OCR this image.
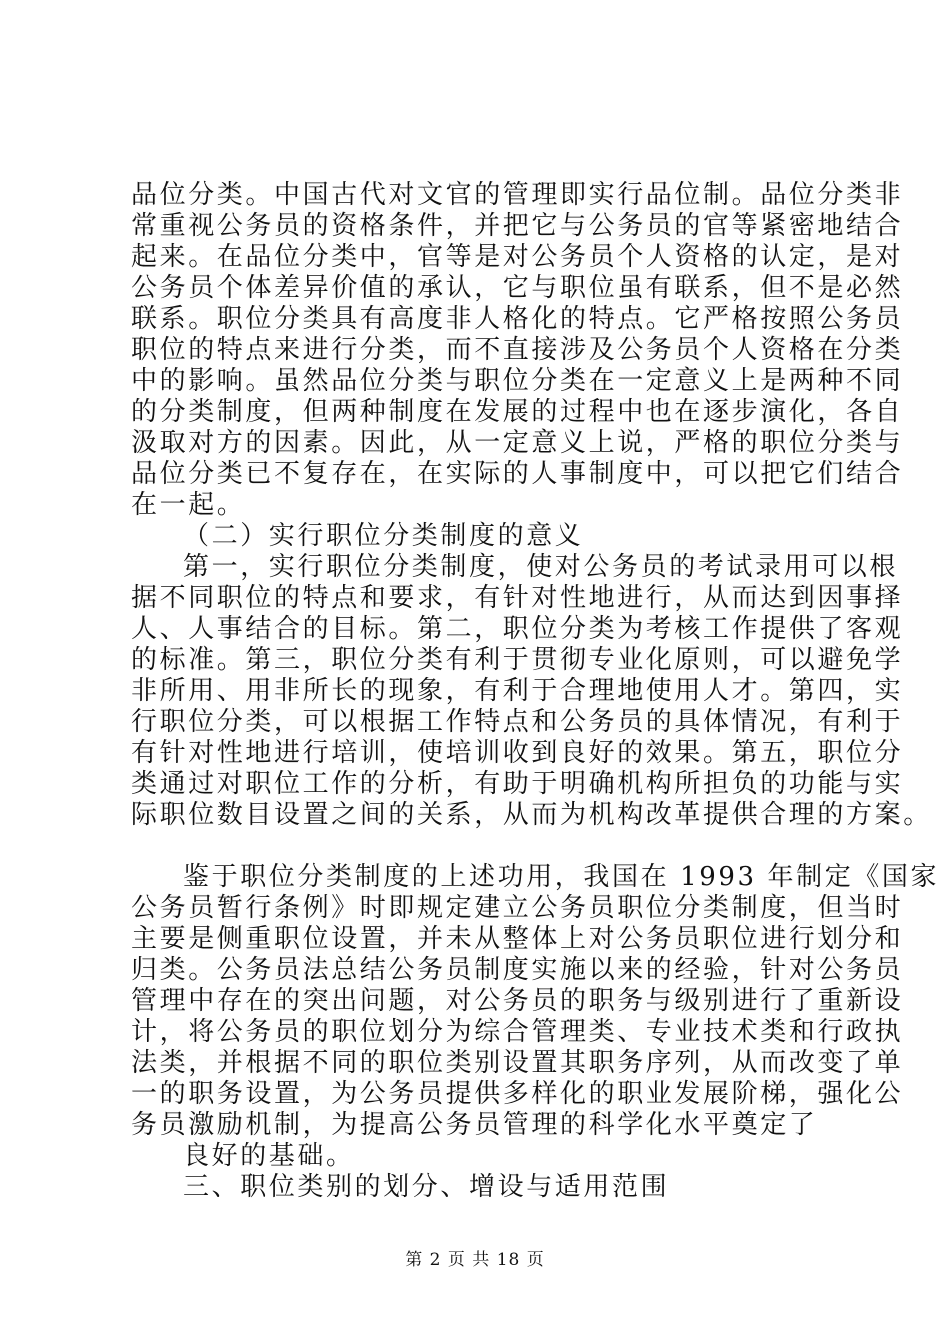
品位分类。中国古代对文官的管理即实行品位制。品位分类非
常重视公务员的资格条件，并把它与公务员的官等紧密地结合
起来。在品位分类中，官等是对公务员个人资格的认定，是对
公务员个体差异价值的承认，它与职位虽有联系，但不是必然
联系。职位分类具有高度非人格化的特点。它严格按照公务员
职位的特点来进行分类，而不直接涉及公务员个人资格在分类
中的影响。虽然品位分类与职位分类在一定意义上是两种不同
的分类制度，但两种制度在发展的过程中也在逐步演化，各自
汲取对方的因素。因此，从一定意义上说，严格的职位分类与
品位分类已不复存在，在实际的人事制度中，可以把它们结合
在一起。
（二）实行职位分类制度的意义
第一，实行职位分类制度，使对公务员的考试录用可以根
据不同职位的特点和要求，有针对性地进行，从而达到因事择
人、人事结合的目标。第二，职位分类为考核工作提供了客观
的标准。第三，职位分类有利于贯彻专业化原则，可以避免学
非所用、用非所长的现象，有利于合理地使用人才。第四，实
行职位分类，可以根据工作特点和公务员的具体情况，有利于
有针对性地进行培训，使培训收到良好的效果。第五，职位分
类通过对职位工作的分析，有助于明确机构所担负的功能与实
际职位数目设置之间的关系，从而为机构改革提供合理的方案。
鉴于职位分类制度的上述功用，我国在 1993 年制定《国家
公务员暂行条例》时即规定建立公务员职位分类制度，但当时
主要是侧重职位设置，并未从整体上对公务员职位进行划分和
归类。公务员法总结公务员制度实施以来的经验，针对公务员
管理中存在的突出问题，对公务员的职务与级别进行了重新设
计，将公务员的职位划分为综合管理类、专业技术类和行政执
法类，并根据不同的职位类别设置其职务序列，从而改变了单
一的职务设置，为公务员提供多样化的职业发展阶梯，强化公
务员激励机制，为提高公务员管理的科学化水平奠定了
良好的基础。
三、职位类别的划分、增设与适用范围
第 2 页 共 18 页
